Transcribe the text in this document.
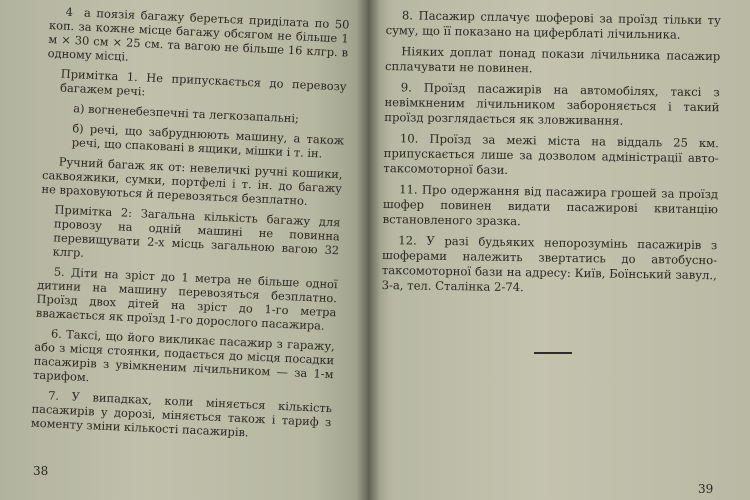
4  а поязія багажу береться приділата по 50 коп. за кожне місце багажу обсягом не більше 1 м × 30 см × 25 см. та вагою не більше 16 клгр. в одному місці.

Примітка 1. Не припускається до перевозу багажем речі:

а) вогненебезпечні та легкозапальні;

б) речі, що забруднюють машину, а також речі, що спаковані в ящики, мішки і т. ін.

Ручний багаж як от: невеличкі ручні кошики, саквояжики, сумки, портфелі і т. ін. до багажу не враховуються й перевозяться безплатно.

Примітка 2: Загальна кількість багажу для провозу на одній машині не повинна перевищувати 2-х місць загальною вагою 32 клгр.

5. Діти на зріст до 1 метра не більше одної дитини на машину перевозяться безплатно. Проїзд двох дітей на зріст до 1-го метра вважається як проїзд 1-го дорослого пасажира.

6. Таксі, що його викликає пасажир з гаражу, або з місця стоянки, подається до місця посадки пасажирів з увімкненим лічильником — за 1-м тарифом.

7. У випадках, коли міняється кількість пасажирів у дорозі, міняється також і тариф з моменту зміни кількості пасажирів.

38

8. Пасажир сплачує шоферові за проїзд тільки ту суму, що її показано на циферблаті лічильника.

Ніяких доплат понад покази лічильника пасажир сплачувати не повинен.

9. Проїзд пасажирів на автомобілях, таксі з невімкненим лічильником забороняється і такий проїзд розглядається як зловживання.

10. Проїзд за межі міста на віддаль 25 км. припускається лише за дозволом адміністрації авто-таксомоторної бази.

11. Про одержання від пасажира грошей за проїзд шофер повинен видати пасажирові квитанцію встановленого зразка.

12. У разі будьяких непорозумінь пасажирів з шоферами належить звертатись до автобусно-таксомоторної бази на адресу: Київ, Боїнський завул., 3-а, тел. Сталінка 2-74.

39
